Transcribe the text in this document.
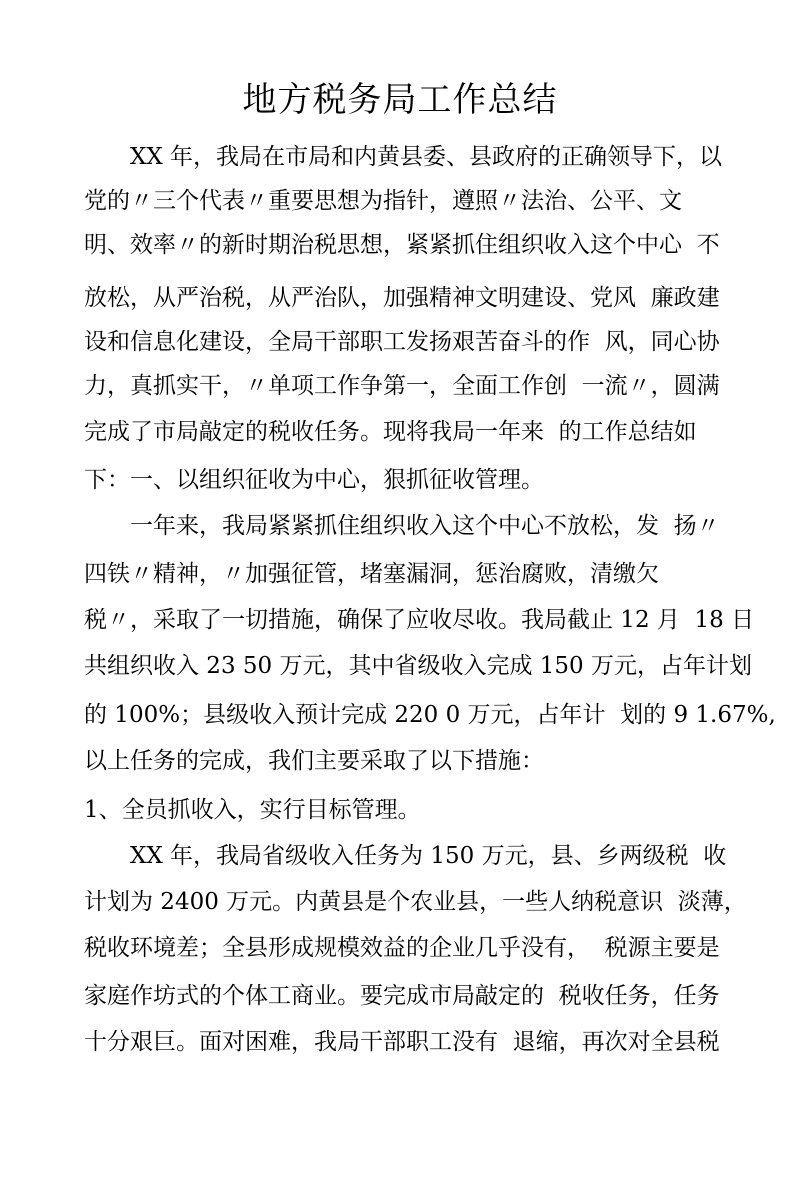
地方税务局工作总结
　　XX 年，我局在市局和内黄县委、县政府的正确领导下，以
党的〃三个代表〃重要思想为指针，遵照〃法治、公平、文
明、效率〃的新时期治税思想，紧紧抓住组织收入这个中心  不
放松，从严治税，从严治队，加强精神文明建设、党风  廉政建
设和信息化建设，全局干部职工发扬艰苦奋斗的作  风，同心协
力，真抓实干，〃单项工作争第一，全面工作创  一流〃，圆满
完成了市局敲定的税收任务。现将我局一年来  的工作总结如
下：一、以组织征收为中心，狠抓征收管理。
　　一年来，我局紧紧抓住组织收入这个中心不放松，发  扬〃
四铁〃精神，〃加强征管，堵塞漏洞，惩治腐败，清缴欠
税〃，采取了一切措施，确保了应收尽收。我局截止 12 月  18 日
共组织收入 23 50 万元，其中省级收入完成 150 万元，占年计划
的 100%；县级收入预计完成 220 0 万元，占年计  划的 9 1.67%,
以上任务的完成，我们主要采取了以下措施：
1、全员抓收入，实行目标管理。
　　XX 年，我局省级收入任务为 150 万元，县、乡两级税  收
计划为 2400 万元。内黄县是个农业县，一些人纳税意识  淡薄，
税收环境差；全县形成规模效益的企业几乎没有，  税源主要是
家庭作坊式的个体工商业。要完成市局敲定的  税收任务，任务
十分艰巨。面对困难，我局干部职工没有  退缩，再次对全县税
